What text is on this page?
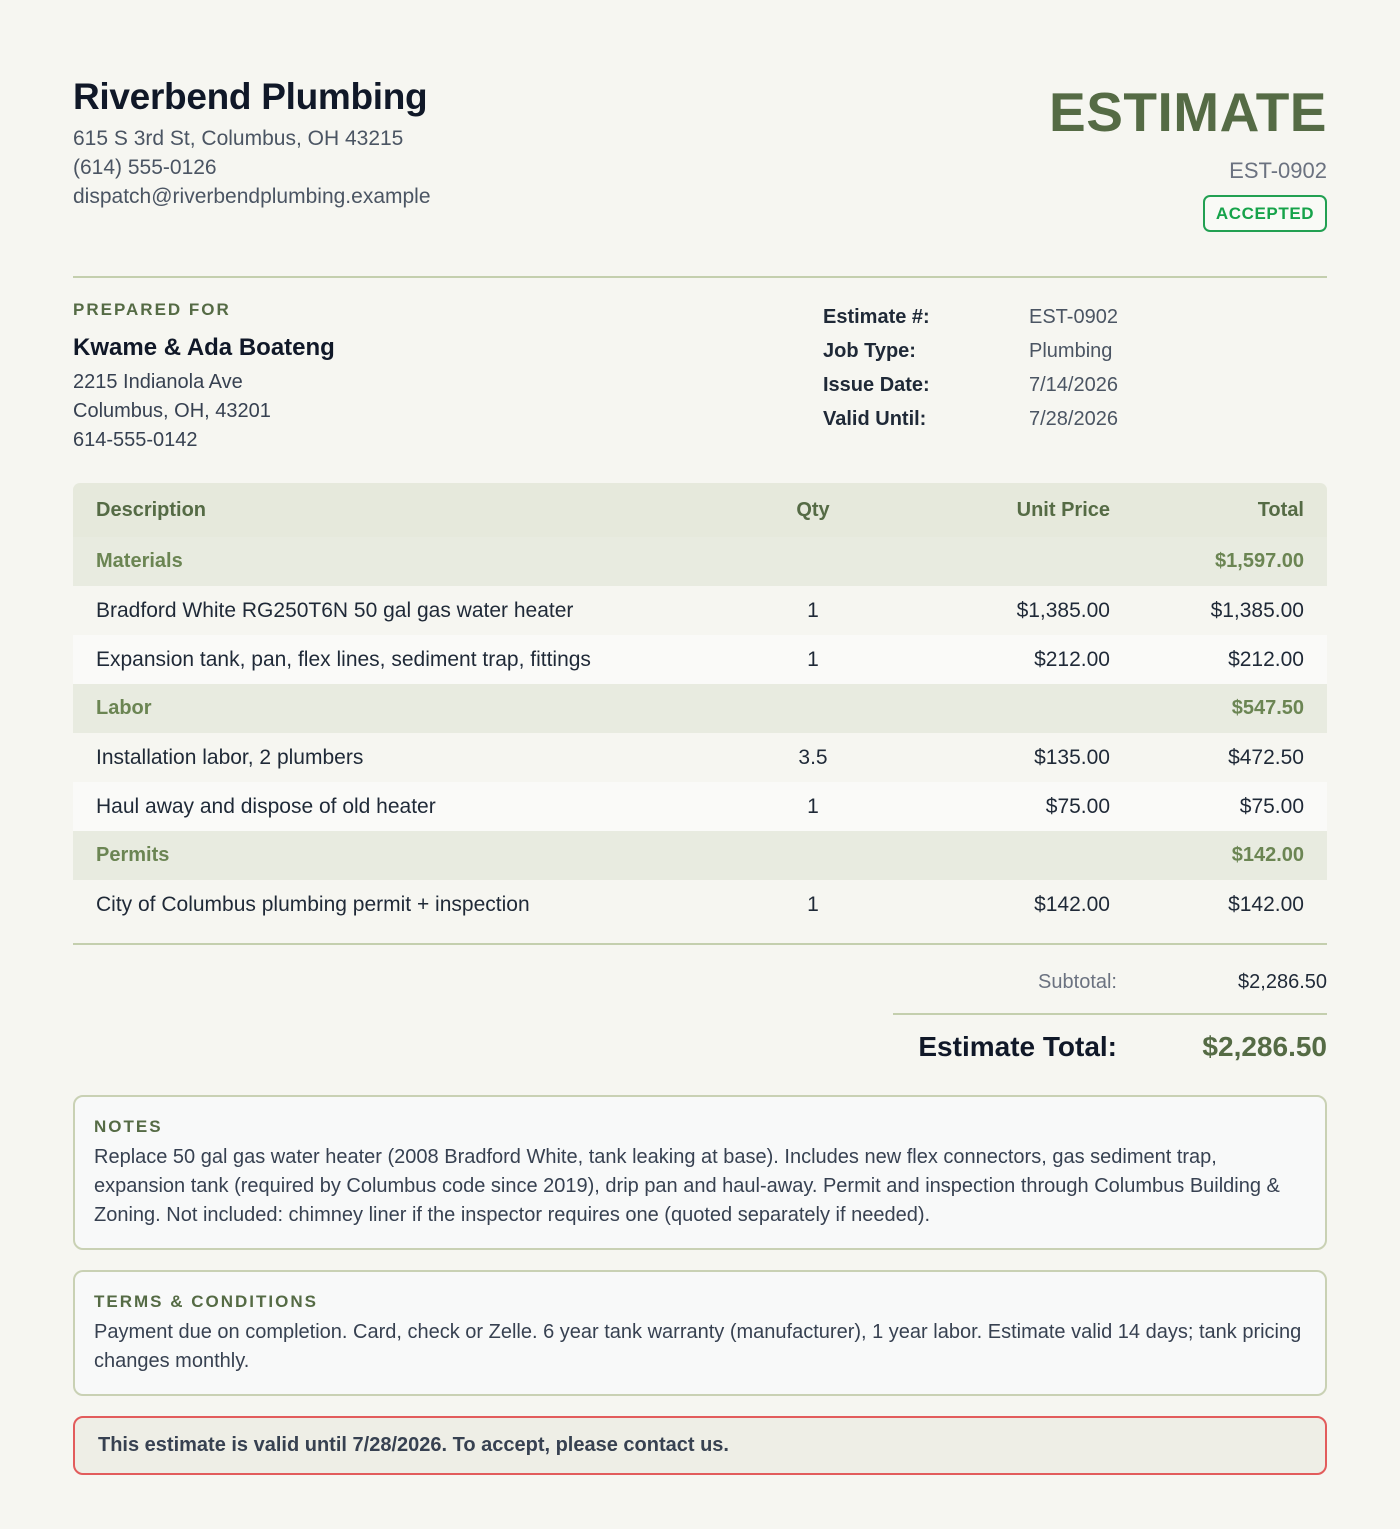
Riverbend Plumbing
615 S 3rd St, Columbus, OH 43215
(614) 555-0126
dispatch@riverbendplumbing.example
ESTIMATE
EST-0902
ACCEPTED
PREPARED FOR
Kwame & Ada Boateng
2215 Indianola Ave
Columbus, OH, 43201
614-555-0142
Estimate #:	EST-0902
Job Type:	Plumbing
Issue Date:	7/14/2026
Valid Until:	7/28/2026
Description	Qty	Unit Price	Total
Materials			$1,597.00
Bradford White RG250T6N 50 gal gas water heater	1	$1,385.00	$1,385.00
Expansion tank, pan, flex lines, sediment trap, fittings	1	$212.00	$212.00
Labor			$547.50
Installation labor, 2 plumbers	3.5	$135.00	$472.50
Haul away and dispose of old heater	1	$75.00	$75.00
Permits			$142.00
City of Columbus plumbing permit + inspection	1	$142.00	$142.00
Subtotal:	$2,286.50
Estimate Total:	$2,286.50
NOTES
Replace 50 gal gas water heater (2008 Bradford White, tank leaking at base). Includes new flex connectors, gas sediment trap, expansion tank (required by Columbus code since 2019), drip pan and haul-away. Permit and inspection through Columbus Building & Zoning. Not included: chimney liner if the inspector requires one (quoted separately if needed).
TERMS & CONDITIONS
Payment due on completion. Card, check or Zelle. 6 year tank warranty (manufacturer), 1 year labor. Estimate valid 14 days; tank pricing changes monthly.
This estimate is valid until 7/28/2026. To accept, please contact us.
